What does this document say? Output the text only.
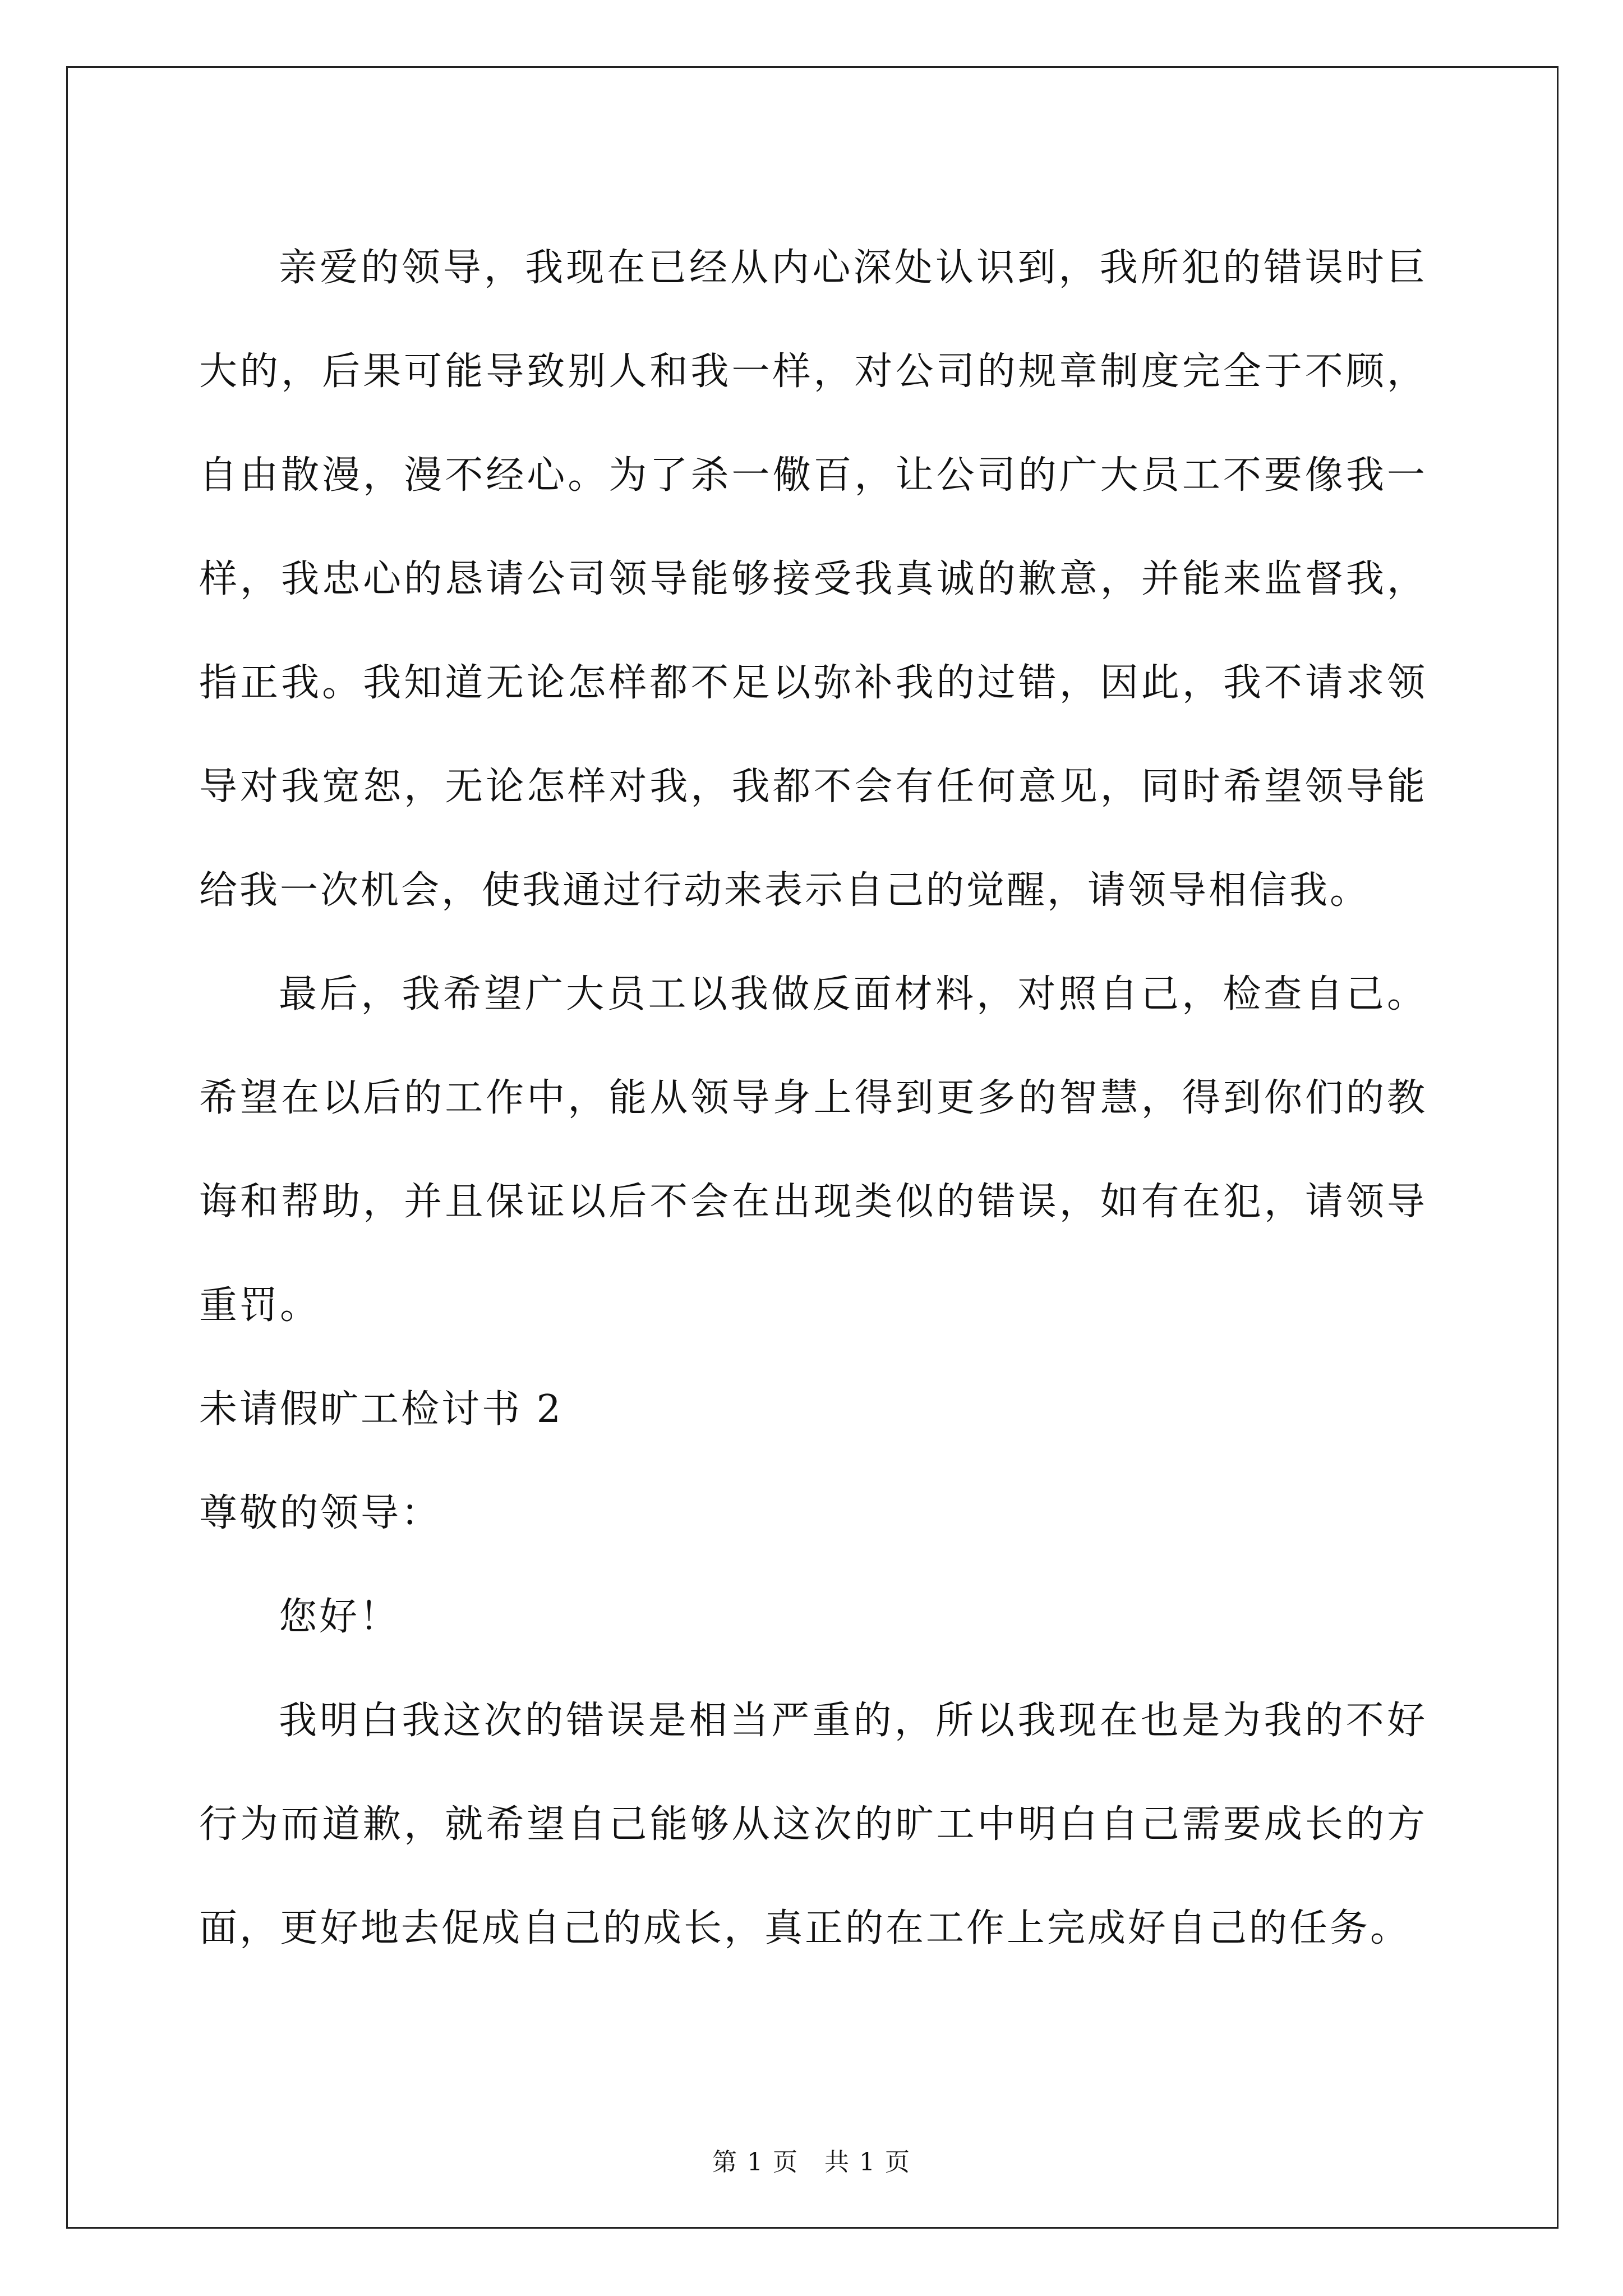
亲爱的领导，我现在已经从内心深处认识到，我所犯的错误时巨大的，后果可能导致别人和我一样，对公司的规章制度完全于不顾，自由散漫，漫不经心。为了杀一儆百，让公司的广大员工不要像我一样，我忠心的恳请公司领导能够接受我真诚的歉意，并能来监督我，指正我。我知道无论怎样都不足以弥补我的过错，因此，我不请求领导对我宽恕，无论怎样对我，我都不会有任何意见，同时希望领导能给我一次机会，使我通过行动来表示自己的觉醒，请领导相信我。

最后，我希望广大员工以我做反面材料，对照自己，检查自己。希望在以后的工作中，能从领导身上得到更多的智慧，得到你们的教诲和帮助，并且保证以后不会在出现类似的错误，如有在犯，请领导重罚。

未请假旷工检讨书 2

尊敬的领导：

您好！

我明白我这次的错误是相当严重的，所以我现在也是为我的不好行为而道歉，就希望自己能够从这次的旷工中明白自己需要成长的方面，更好地去促成自己的成长，真正的在工作上完成好自己的任务。

第 1 页　共 1 页
